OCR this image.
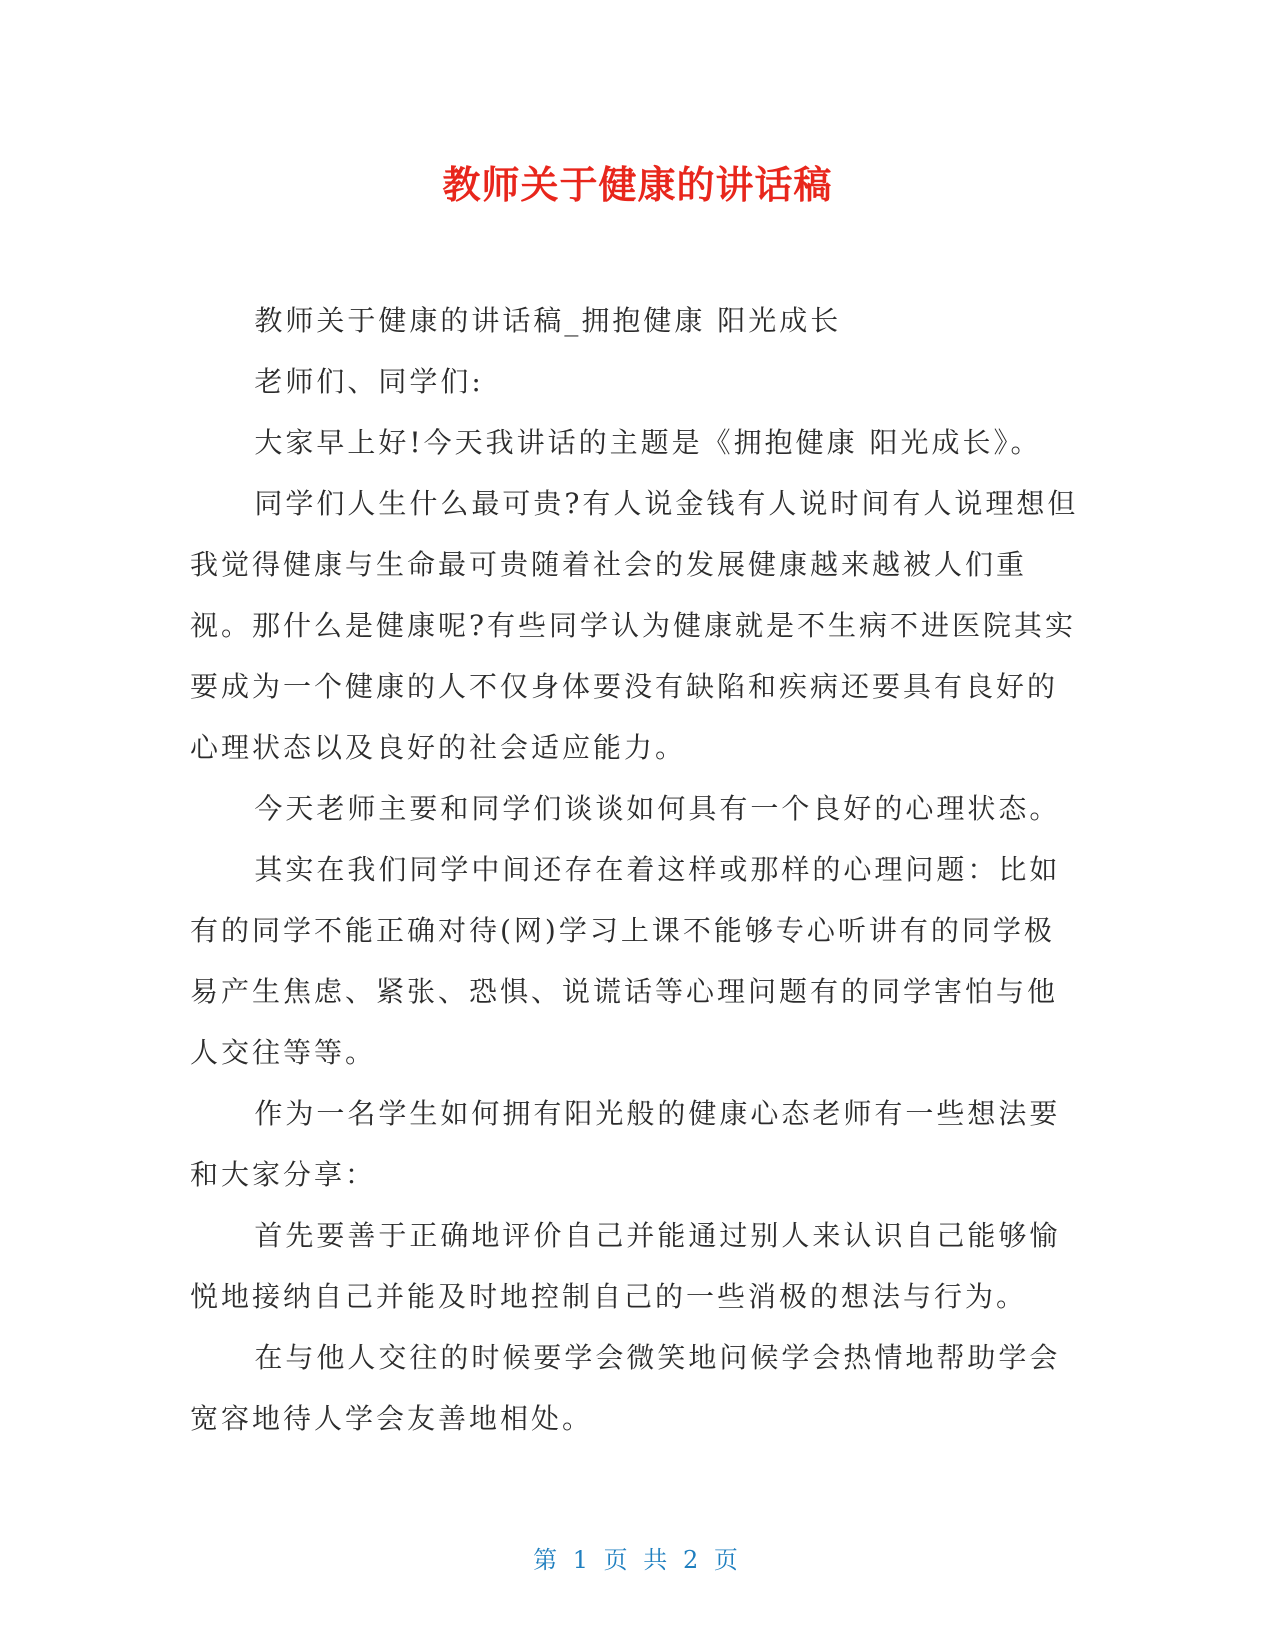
教师关于健康的讲话稿

教师关于健康的讲话稿_拥抱健康 阳光成长

老师们、同学们:

大家早上好!今天我讲话的主题是《拥抱健康 阳光成长》。

同学们人生什么最可贵?有人说金钱有人说时间有人说理想但我觉得健康与生命最可贵随着社会的发展健康越来越被人们重视。那什么是健康呢?有些同学认为健康就是不生病不进医院其实要成为一个健康的人不仅身体要没有缺陷和疾病还要具有良好的心理状态以及良好的社会适应能力。

今天老师主要和同学们谈谈如何具有一个良好的心理状态。

其实在我们同学中间还存在着这样或那样的心理问题：比如有的同学不能正确对待(网)学习上课不能够专心听讲有的同学极易产生焦虑、紧张、恐惧、说谎话等心理问题有的同学害怕与他人交往等等。

作为一名学生如何拥有阳光般的健康心态老师有一些想法要和大家分享：

首先要善于正确地评价自己并能通过别人来认识自己能够愉悦地接纳自己并能及时地控制自己的一些消极的想法与行为。

在与他人交往的时候要学会微笑地问候学会热情地帮助学会宽容地待人学会友善地相处。

第 1 页 共 2 页
